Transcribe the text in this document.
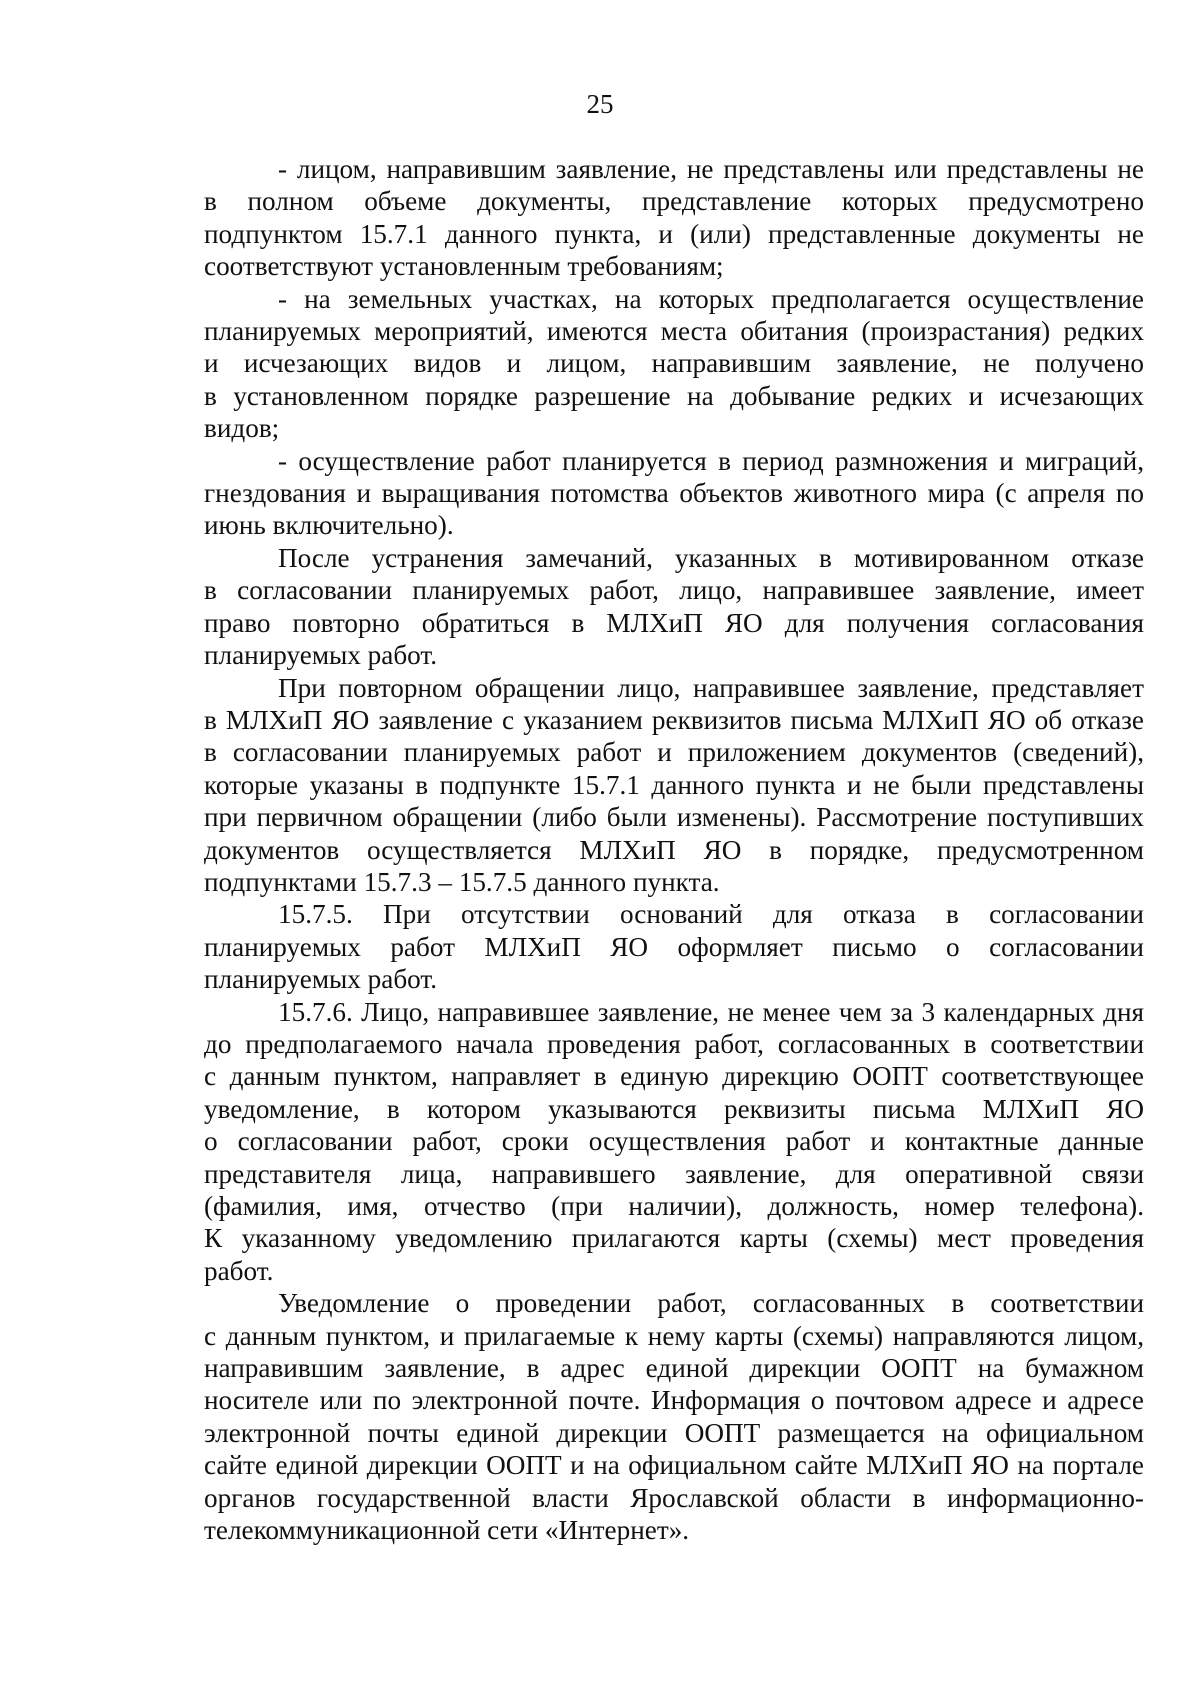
25
- лицом, направившим заявление, не представлены или представлены не
в полном объеме документы, представление которых предусмотрено
подпунктом 15.7.1 данного пункта, и (или) представленные документы не
соответствуют установленным требованиям;
- на земельных участках, на которых предполагается осуществление
планируемых мероприятий, имеются места обитания (произрастания) редких
и исчезающих видов и лицом, направившим заявление, не получено
в установленном порядке разрешение на добывание редких и исчезающих
видов;
- осуществление работ планируется в период размножения и миграций,
гнездования и выращивания потомства объектов животного мира (с апреля по
июнь включительно).
После устранения замечаний, указанных в мотивированном отказе
в согласовании планируемых работ, лицо, направившее заявление, имеет
право повторно обратиться в МЛХиП ЯО для получения согласования
планируемых работ.
При повторном обращении лицо, направившее заявление, представляет
в МЛХиП ЯО заявление с указанием реквизитов письма МЛХиП ЯО об отказе
в согласовании планируемых работ и приложением документов (сведений),
которые указаны в подпункте 15.7.1 данного пункта и не были представлены
при первичном обращении (либо были изменены). Рассмотрение поступивших
документов осуществляется МЛХиП ЯО в порядке, предусмотренном
подпунктами 15.7.3 – 15.7.5 данного пункта.
15.7.5. При отсутствии оснований для отказа в согласовании
планируемых работ МЛХиП ЯО оформляет письмо о согласовании
планируемых работ.
15.7.6. Лицо, направившее заявление, не менее чем за 3 календарных дня
до предполагаемого начала проведения работ, согласованных в соответствии
с данным пунктом, направляет в единую дирекцию ООПТ соответствующее
уведомление, в котором указываются реквизиты письма МЛХиП ЯО
о согласовании работ, сроки осуществления работ и контактные данные
представителя лица, направившего заявление, для оперативной связи
(фамилия, имя, отчество (при наличии), должность, номер телефона).
К указанному уведомлению прилагаются карты (схемы) мест проведения
работ.
Уведомление о проведении работ, согласованных в соответствии
с данным пунктом, и прилагаемые к нему карты (схемы) направляются лицом,
направившим заявление, в адрес единой дирекции ООПТ на бумажном
носителе или по электронной почте. Информация о почтовом адресе и адресе
электронной почты единой дирекции ООПТ размещается на официальном
сайте единой дирекции ООПТ и на официальном сайте МЛХиП ЯО на портале
органов государственной власти Ярославской области в информационно-
телекоммуникационной сети «Интернет».
